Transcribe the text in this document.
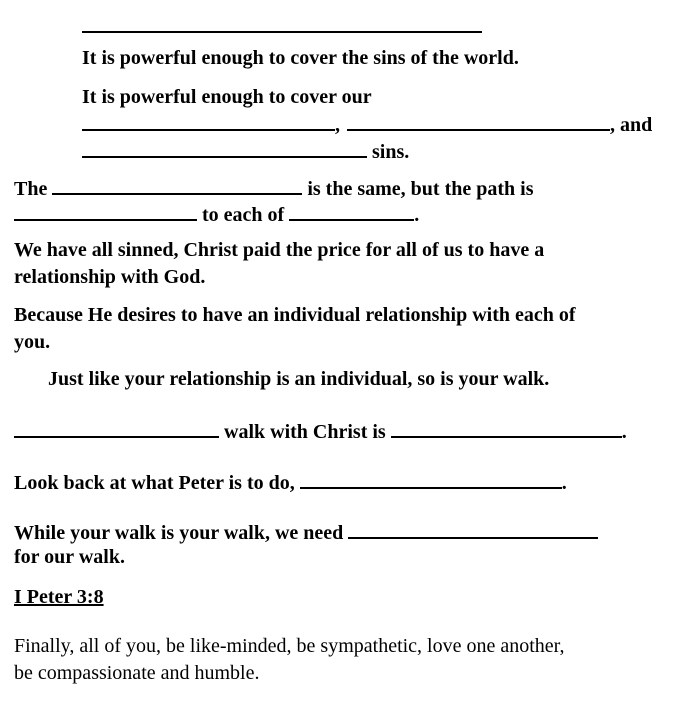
It is powerful enough to cover the sins of the world.
It is powerful enough to cover our
,	, and
sins.
The	is the same, but the path is
to each of	.
We have all sinned, Christ paid the price for all of us to have a
relationship with God.
Because He desires to have an individual relationship with each of
you.
Just like your relationship is an individual, so is your walk.
walk with Christ is	.
Look back at what Peter is to do,	.
While your walk is your walk, we need
for our walk.
I Peter 3:8
Finally, all of you, be like-minded, be sympathetic, love one another,
be compassionate and humble.
